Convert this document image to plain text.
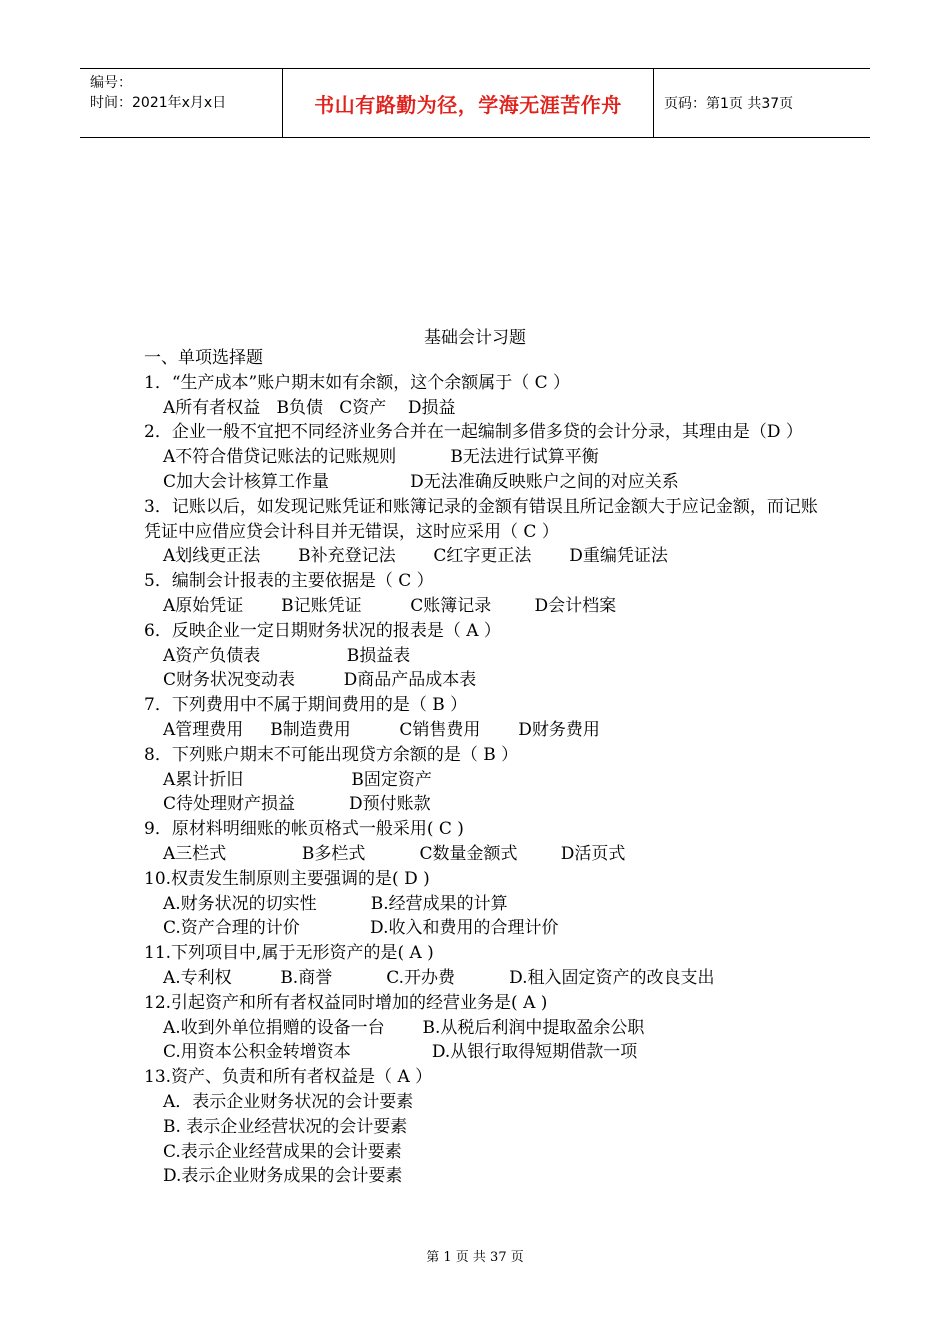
编号：
时间：2021年x月x日	书山有路勤为径，学海无涯苦作舟	页码：第1页 共37页
基础会计习题

一、单项选择题

1．“生产成本”账户期末如有余额，这个余额属于（ C ）

A所有者权益   B负债   C资产    D损益

2．企业一般不宜把不同经济业务合并在一起编制多借多贷的会计分录，其理由是（D ）

A不符合借贷记账法的记账规则          B无法进行试算平衡

C加大会计核算工作量               D无法准确反映账户之间的对应关系

3．记账以后，如发现记账凭证和账簿记录的金额有错误且所记金额大于应记金额，而记账凭证中应借应贷会计科目并无错误，这时应采用（ C ）

A划线更正法       B补充登记法       C红字更正法       D重编凭证法

5．编制会计报表的主要依据是（ C ）

A原始凭证       B记账凭证         C账簿记录        D会计档案

6．反映企业一定日期财务状况的报表是（ A ）

A资产负债表                B损益表

C财务状况变动表         D商品产品成本表

7．下列费用中不属于期间费用的是（ B ）

A管理费用     B制造费用         C销售费用       D财务费用

8．下列账户期末不可能出现贷方余额的是（ B ）

A累计折旧                    B固定资产

C待处理财产损益          D预付账款

9．原材料明细账的帐页格式一般采用( C )

A三栏式              B多栏式          C数量金额式        D活页式

10.权责发生制原则主要强调的是( D )

A.财务状况的切实性          B.经营成果的计算

C.资产合理的计价             D.收入和费用的合理计价

11.下列项目中,属于无形资产的是( A )

A.专利权         B.商誉          C.开办费          D.租入固定资产的改良支出

12.引起资产和所有者权益同时增加的经营业务是( A )

A.收到外单位捐赠的设备一台       B.从税后利润中提取盈余公职

C.用资本公积金转增资本               D.从银行取得短期借款一项

13.资产、负责和所有者权益是（ A ）

A．表示企业财务状况的会计要素

B. 表示企业经营状况的会计要素

C.表示企业经营成果的会计要素

D.表示企业财务成果的会计要素

第 1 页 共 37 页
